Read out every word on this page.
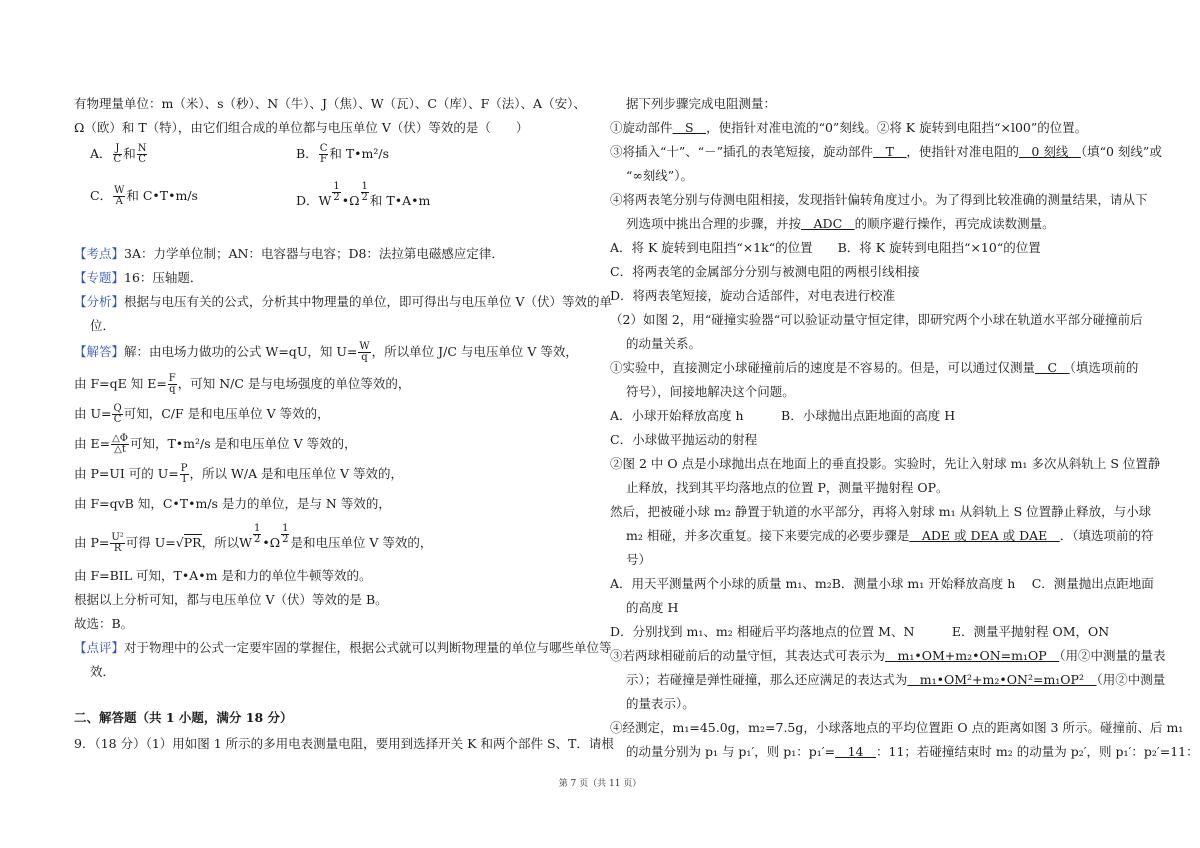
有物理量单位：m（米）、s（秒）、N（牛）、J（焦）、W（瓦）、C（库）、F（法）、A（安）、
Ω（欧）和 T（特），由它们组合成的单位都与电压单位 V（伏）等效的是（　　）
A． $\frac{J}{C}$ 和 $\frac{N}{C}$	B． $\frac{C}{F}$ 和 T•m²/s
C． $\frac{W}{A}$ 和 C•T•m/s	D．W $\frac{1}{2}$ •Ω $\frac{1}{2}$ 和 T•A•m
【考点】3A：力学单位制；AN：电容器与电容；D8：法拉第电磁感应定律．
【专题】16：压轴题．
【分析】根据与电压有关的公式，分析其中物理量的单位，即可得出与电压单位 V（伏）等效的单
位．
【解答】解：由电场力做功的公式 W=qU，知 $U= \frac{W}{q}$ ，所以单位 J/C 与电压单位 V 等效，
由 F=qE 知 $E= \frac{F}{q}$ ，可知 N/C 是与电场强度的单位等效的，
由 $U= \frac{Q}{C}$ 可知，C/F 是和电压单位 V 等效的，
由 $E= \frac{\triangle\Phi}{\triangle t}$ 可知，T•m²/s 是和电压单位 V 等效的，
由 P=UI 可的 $U= \frac{P}{I}$ ，所以 W/A 是和电压单位 V 等效的，
由 F=qvB 知，C•T•m/s 是力的单位，是与 N 等效的，
由 $P= \frac{\text{U²}}{R}$ 可得 U=√PR，所以W $\frac{1}{2}$ •Ω $\frac{1}{2}$ 是和电压单位 V 等效的，
由 F=BIL 可知，T•A•m 是和力的单位牛顿等效的。
根据以上分析可知，都与电压单位 V（伏）等效的是 B。
故选：B。
【点评】对于物理中的公式一定要牢固的掌握住，根据公式就可以判断物理量的单位与哪些单位等
效．
二、解答题（共 1 小题，满分 18 分）
9．（18 分）（1）用如图 1 所示的多用电表测量电阻，要用到选择开关 K 和两个部件 S、T．请根
据下列步骤完成电阻测量：
①旋动部件　S　，使指针对准电流的“0”刻线。②将 K 旋转到电阻挡“×l00”的位置。
③将插入“十”、“－”插孔的表笔短接，旋动部件　T　，使指针对准电阻的　0 刻线　（填“0 刻线”或
“∞刻线”）。
④将两表笔分别与侍测电阻相接，发现指针偏转角度过小。为了得到比较准确的测量结果，请从下
列选项中挑出合理的步骤，并按　ADC　的顺序避行操作，再完成读数测量。
A．将 K 旋转到电阻挡“×1k“的位置　　B．将 K 旋转到电阻挡“×10“的位置
C．将两表笔的金属部分分别与被测电阻的两根引线相接
D．将两表笔短接，旋动合适部件，对电表进行校准
（2）如图 2，用“碰撞实验器“可以验证动量守恒定律，即研究两个小球在轨道水平部分碰撞前后
的动量关系。
①实验中，直接测定小球碰撞前后的速度是不容易的。但是，可以通过仅测量　C　（填选项前的
符号），间接地解决这个问题。
A．小球开始释放高度 h　　　B．小球抛出点距地面的高度 H
C．小球做平抛运动的射程
②图 2 中 O 点是小球抛出点在地面上的垂直投影。实验时，先让入射球 m₁ 多次从斜轨上 S 位置静
止释放，找到其平均落地点的位置 P，测量平抛射程 OP。
然后，把被碰小球 m₂ 静置于轨道的水平部分，再将入射球 m₁ 从斜轨上 S 位置静止释放，与小球
m₂ 相碰，并多次重复。接下来要完成的必要步骤是　ADE 或 DEA 或 DAE　．（填选项前的符
号）
A．用天平测量两个小球的质量 m₁、m₂B．测量小球 m₁ 开始释放高度 h　 C．测量抛出点距地面
的高度 H
D．分别找到 m₁、m₂ 相碰后平均落地点的位置 M、N　　　E．测量平抛射程 OM，ON
③若两球相碰前后的动量守恒，其表达式可表示为　m₁•OM+m₂•ON=m₁OP　（用②中测量的量表
示）；若碰撞是弹性碰撞，那么还应满足的表达式为　m₁•OM²+m₂•ON²=m₁OP²　（用②中测量
的量表示）。
④经测定，m₁=45.0g，m₂=7.5g，小球落地点的平均位置距 O 点的距离如图 3 所示。碰撞前、后 m₁
的动量分别为 p₁ 与 p₁′，则 p₁：p₁′=　14　：11；若碰撞结束时 m₂ 的动量为 p₂′，则 p₁′：p₂′=11：
第 7 页（共 11 页）
